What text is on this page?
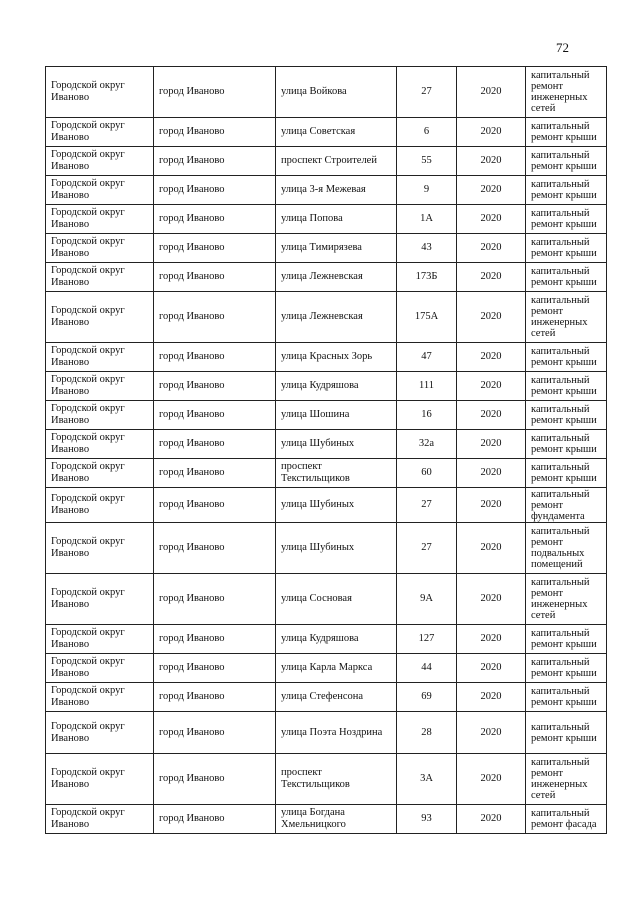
72
Городской округ Иваново	город Иваново	улица Войкова	27	2020	капитальный ремонт инженерных сетей
Городской округ Иваново	город Иваново	улица Советская	6	2020	капитальный ремонт крыши
Городской округ Иваново	город Иваново	проспект Строителей	55	2020	капитальный ремонт крыши
Городской округ Иваново	город Иваново	улица 3-я Межевая	9	2020	капитальный ремонт крыши
Городской округ Иваново	город Иваново	улица Попова	1А	2020	капитальный ремонт крыши
Городской округ Иваново	город Иваново	улица Тимирязева	43	2020	капитальный ремонт крыши
Городской округ Иваново	город Иваново	улица Лежневская	173Б	2020	капитальный ремонт крыши
Городской округ Иваново	город Иваново	улица Лежневская	175А	2020	капитальный ремонт инженерных сетей
Городской округ Иваново	город Иваново	улица Красных Зорь	47	2020	капитальный ремонт крыши
Городской округ Иваново	город Иваново	улица Кудряшова	111	2020	капитальный ремонт крыши
Городской округ Иваново	город Иваново	улица Шошина	16	2020	капитальный ремонт крыши
Городской округ Иваново	город Иваново	улица Шубиных	32а	2020	капитальный ремонт крыши
Городской округ Иваново	город Иваново	проспект Текстильщиков	60	2020	капитальный ремонт крыши
Городской округ Иваново	город Иваново	улица Шубиных	27	2020	капитальный ремонт фундамента
Городской округ Иваново	город Иваново	улица Шубиных	27	2020	капитальный ремонт подвальных помещений
Городской округ Иваново	город Иваново	улица Сосновая	9А	2020	капитальный ремонт инженерных сетей
Городской округ Иваново	город Иваново	улица Кудряшова	127	2020	капитальный ремонт крыши
Городской округ Иваново	город Иваново	улица Карла Маркса	44	2020	капитальный ремонт крыши
Городской округ Иваново	город Иваново	улица Стефенсона	69	2020	капитальный ремонт крыши
Городской округ Иваново	город Иваново	улица Поэта Ноздрина	28	2020	капитальный ремонт крыши
Городской округ Иваново	город Иваново	проспект Текстильщиков	3А	2020	капитальный ремонт инженерных сетей
Городской округ Иваново	город Иваново	улица Богдана Хмельницкого	93	2020	капитальный ремонт фасада
